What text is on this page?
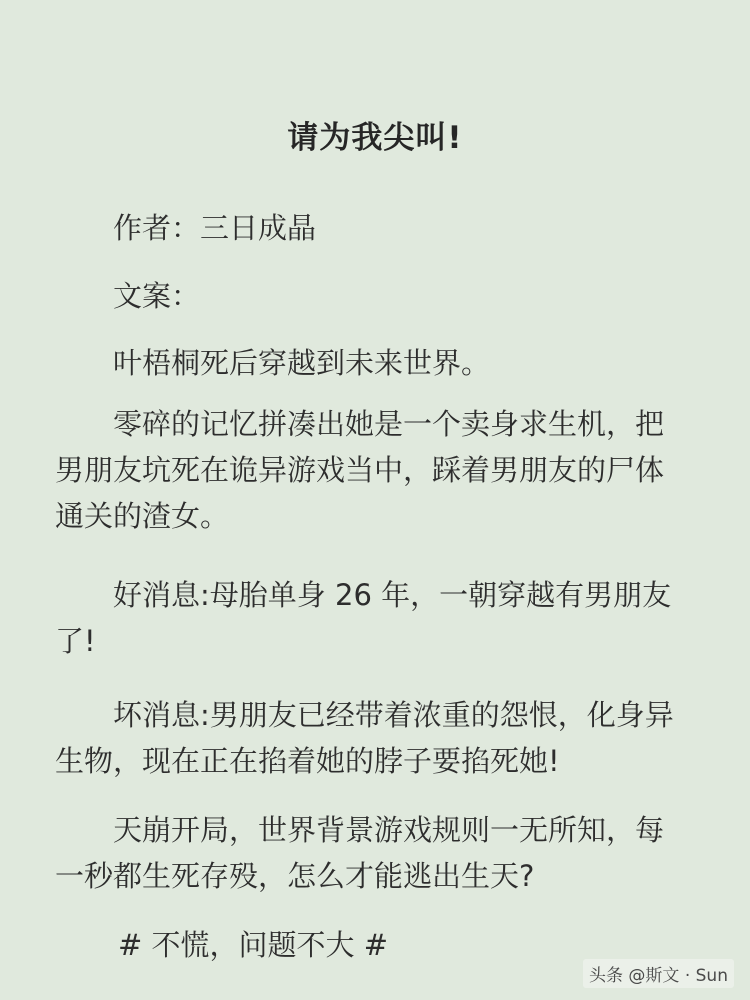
请为我尖叫!
作者：三日成晶
文案：
叶梧桐死后穿越到未来世界。
零碎的记忆拼凑出她是一个卖身求生机，把
男朋友坑死在诡异游戏当中，踩着男朋友的尸体
通关的渣女。
好消息:母胎单身 26 年，一朝穿越有男朋友
了!
坏消息:男朋友已经带着浓重的怨恨，化身异
生物，现在正在掐着她的脖子要掐死她!
天崩开局，世界背景游戏规则一无所知，每
一秒都生死存殁，怎么才能逃出生天?
# 不慌，问题不大 #
头条 @斯文 · Sun
